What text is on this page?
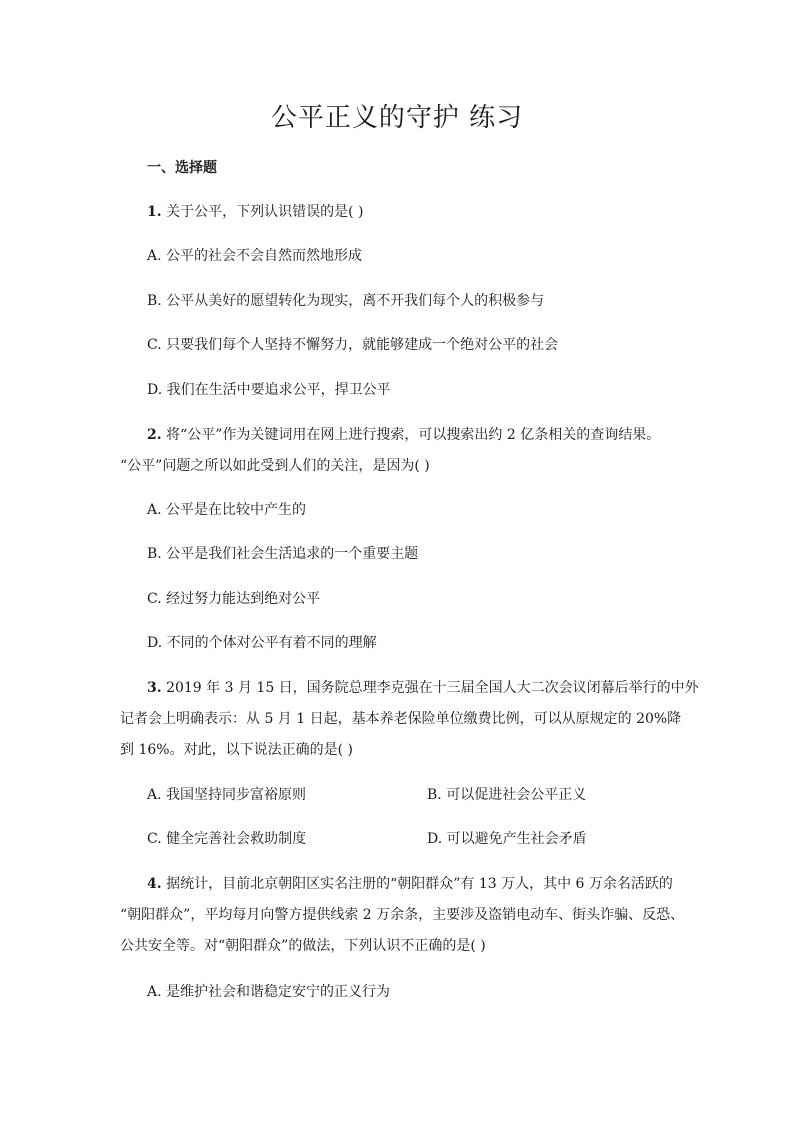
公平正义的守护 练习
一、选择题
1. 关于公平，下列认识错误的是( )
A. 公平的社会不会自然而然地形成
B. 公平从美好的愿望转化为现实，离不开我们每个人的积极参与
C. 只要我们每个人坚持不懈努力，就能够建成一个绝对公平的社会
D. 我们在生活中要追求公平，捍卫公平
2. 将“公平”作为关键词用在网上进行搜索，可以搜索出约 2 亿条相关的查询结果。
“公平”问题之所以如此受到人们的关注，是因为( )
A. 公平是在比较中产生的
B. 公平是我们社会生活追求的一个重要主题
C. 经过努力能达到绝对公平
D. 不同的个体对公平有着不同的理解
3. 2019 年 3 月 15 日，国务院总理李克强在十三届全国人大二次会议闭幕后举行的中外
记者会上明确表示：从 5 月 1 日起，基本养老保险单位缴费比例，可以从原规定的 20%降
到 16%。对此，以下说法正确的是( )
A. 我国坚持同步富裕原则	B. 可以促进社会公平正义
C. 健全完善社会救助制度	D. 可以避免产生社会矛盾
4. 据统计，目前北京朝阳区实名注册的“朝阳群众”有 13 万人，其中 6 万余名活跃的
“朝阳群众”，平均每月向警方提供线索 2 万余条，主要涉及盗销电动车、街头诈骗、反恐、
公共安全等。对“朝阳群众”的做法，下列认识不正确的是( )
A. 是维护社会和谐稳定安宁的正义行为
